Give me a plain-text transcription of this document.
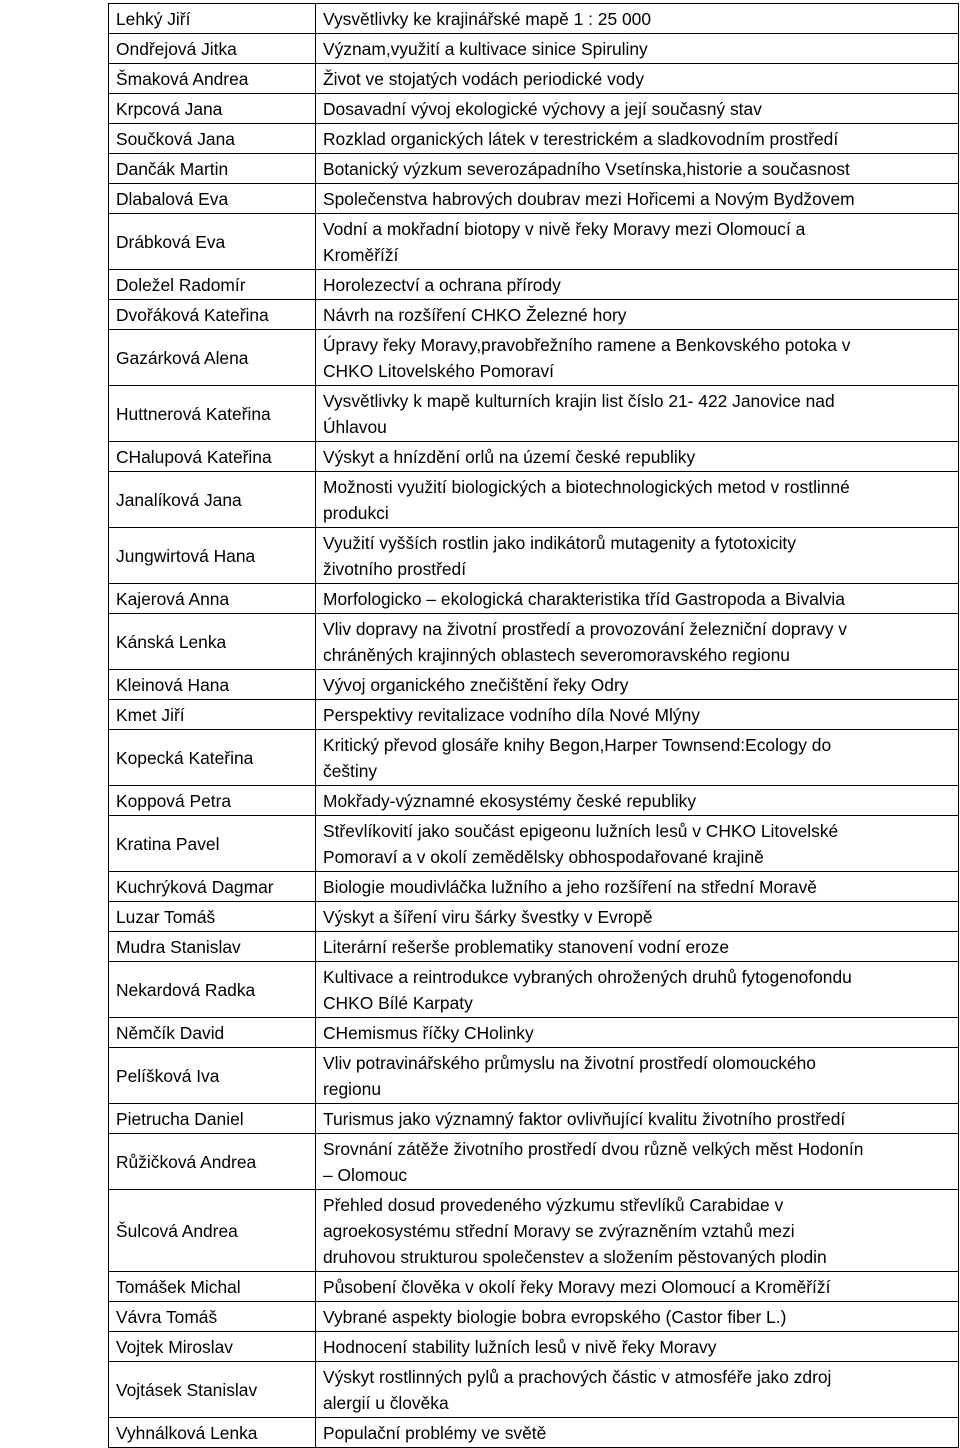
Lehký Jiří	Vysvětlivky ke krajinářské mapě 1 : 25 000

Ondřejová Jitka	Význam,využití a kultivace sinice Spiruliny

Šmaková Andrea	Život ve stojatých vodách periodické vody

Krpcová Jana	Dosavadní vývoj ekologické výchovy a její současný stav

Součková Jana	Rozklad organických látek v terestrickém a sladkovodním prostředí

Dančák Martin	Botanický výzkum severozápadního Vsetínska,historie a současnost

Dlabalová Eva	Společenstva habrových doubrav mezi Hořicemi a Novým Bydžovem

Drábková Eva	Vodní a mokřadní biotopy v nivě řeky Moravy mezi Olomoucí a
Kroměříží

Doležel Radomír	Horolezectví a ochrana přírody

Dvořáková Kateřina	Návrh na rozšíření CHKO Železné hory

Gazárková Alena	Úpravy řeky Moravy,pravobřežního ramene a Benkovského potoka v
CHKO Litovelského Pomoraví

Huttnerová Kateřina	Vysvětlivky k mapě kulturních krajin list číslo 21- 422 Janovice nad
Úhlavou

CHalupová Kateřina	Výskyt a hnízdění orlů na území české republiky

Janalíková Jana	Možnosti využití biologických a biotechnologických metod v rostlinné
produkci

Jungwirtová Hana	Využití vyšších rostlin jako indikátorů mutagenity a fytotoxicity
životního prostředí

Kajerová Anna	Morfologicko – ekologická charakteristika tříd Gastropoda a Bivalvia

Kánská Lenka	Vliv dopravy na životní prostředí a provozování železniční dopravy v
chráněných krajinných oblastech severomoravského regionu

Kleinová Hana	Vývoj organického znečištění řeky Odry

Kmet Jiří	Perspektivy revitalizace vodního díla Nové Mlýny

Kopecká Kateřina	Kritický převod glosáře knihy Begon,Harper Townsend:Ecology do
češtiny

Koppová Petra	Mokřady-významné ekosystémy české republiky

Kratina Pavel	Střevlíkovití jako součást epigeonu lužních lesů v CHKO Litovelské
Pomoraví a v okolí zemědělsky obhospodařované krajině

Kuchrýková Dagmar	Biologie moudivláčka lužního a jeho rozšíření na střední Moravě

Luzar Tomáš	Výskyt a šíření viru šárky švestky v Evropě

Mudra Stanislav	Literární rešerše problematiky stanovení vodní eroze

Nekardová Radka	Kultivace a reintrodukce vybraných ohrožených druhů fytogenofondu
CHKO Bílé Karpaty

Němčík David	CHemismus říčky CHolinky

Pelíšková Iva	Vliv potravinářského průmyslu na životní prostředí olomouckého
regionu

Pietrucha Daniel	Turismus jako významný faktor ovlivňující kvalitu životního prostředí

Růžičková Andrea	Srovnání zátěže životního prostředí dvou různě velkých měst Hodonín
– Olomouc

Šulcová Andrea	Přehled dosud provedeného výzkumu střevlíků Carabidae v
agroekosystému střední Moravy se zvýrazněním vztahů mezi
druhovou strukturou společenstev a složením pěstovaných plodin

Tomášek Michal	Působení člověka v okolí řeky Moravy mezi Olomoucí a Kroměříží

Vávra Tomáš	Vybrané aspekty biologie bobra evropského (Castor fiber L.)

Vojtek Miroslav	Hodnocení stability lužních lesů v nivě řeky Moravy

Vojtásek Stanislav	Výskyt rostlinných pylů a prachových částic v atmosféře jako zdroj
alergií u člověka

Vyhnálková Lenka	Populační problémy ve světě
